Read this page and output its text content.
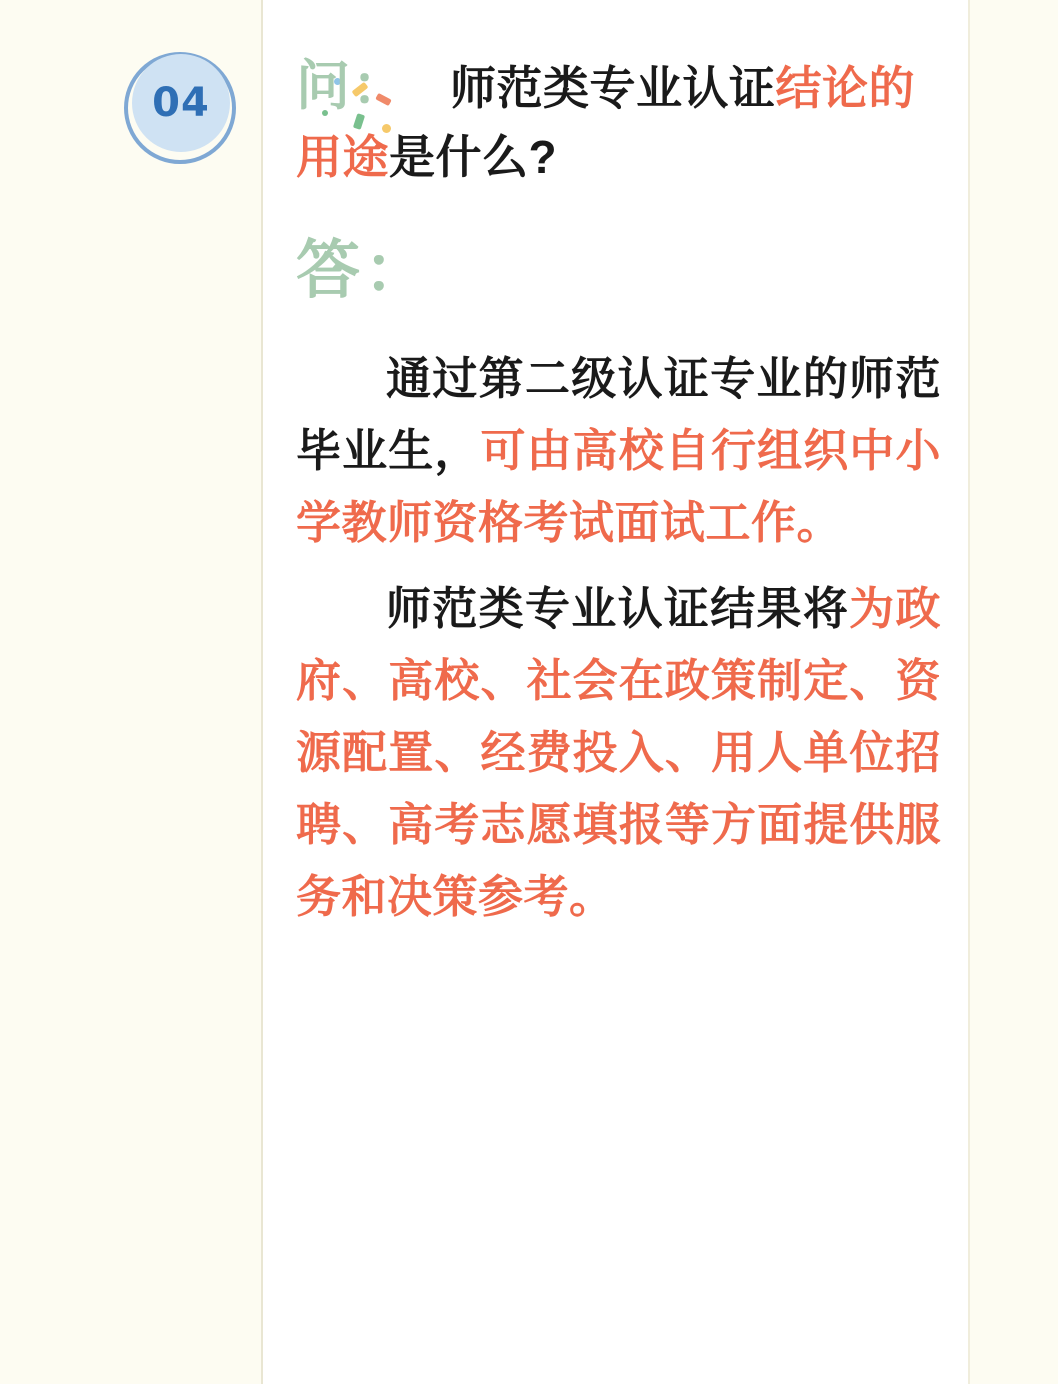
04 问： 师范类专业认证结论的用途是什么?
答：

通过第二级认证专业的师范毕业生，可由高校自行组织中小学教师资格考试面试工作。

师范类专业认证结果将为政府、高校、社会在政策制定、资源配置、经费投入、用人单位招聘、高考志愿填报等方面提供服务和决策参考。
